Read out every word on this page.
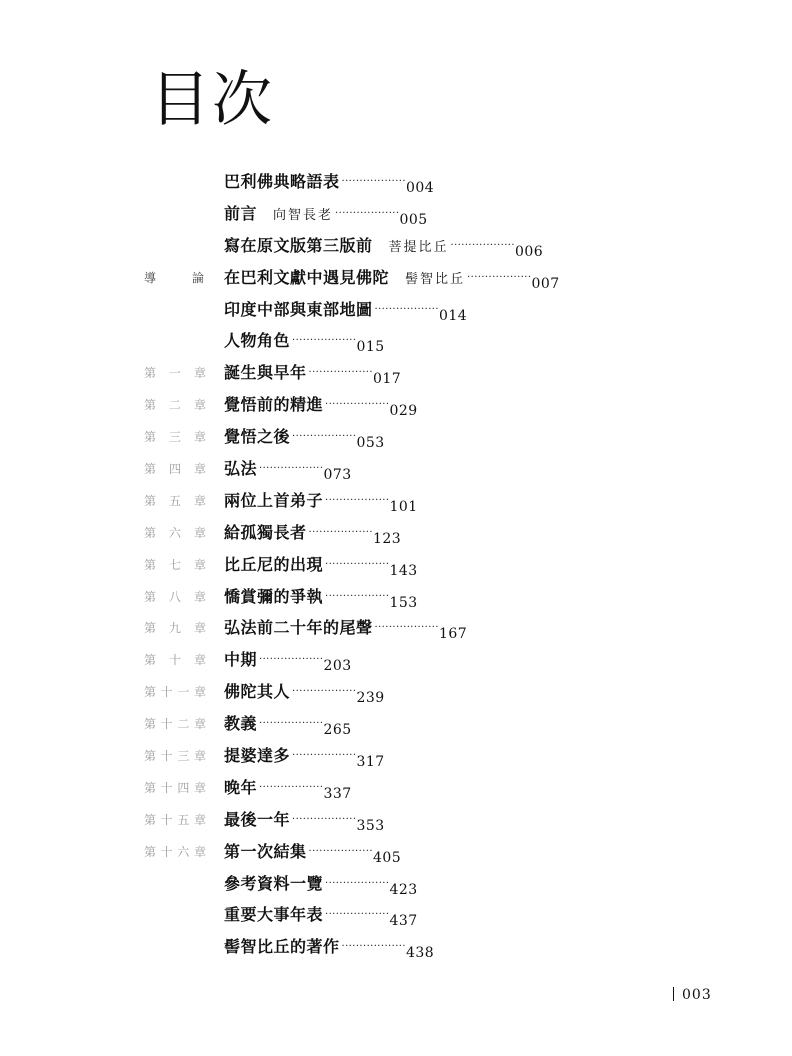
目次
巴利佛典略語表 ··················004
前言 向智長老 ··················005
寫在原文版第三版前 菩提比丘 ··················006
導	論 在巴利文獻中遇見佛陀 髻智比丘 ··················007
印度中部與東部地圖 ··················014
人物角色 ··················015
第 一 章 誕生與早年 ··················017
第 二 章 覺悟前的精進 ··················029
第 三 章 覺悟之後 ··················053
第 四 章 弘法 ··················073
第 五 章 兩位上首弟子 ··················101
第 六 章 給孤獨長者 ··················123
第 七 章 比丘尼的出現 ··················143
第 八 章 憍賞彌的爭執 ··················153
第 九 章 弘法前二十年的尾聲 ··················167
第 十 章 中期 ··················203
第 十 一 章 佛陀其人 ··················239
第 十 二 章 教義 ··················265
第 十 三 章 提婆達多 ··················317
第 十 四 章 晚年 ··················337
第 十 五 章 最後一年 ··················353
第 十 六 章 第一次結集 ··················405
參考資料一覽 ··················423
重要大事年表 ··················437
髻智比丘的著作 ··················438
003
